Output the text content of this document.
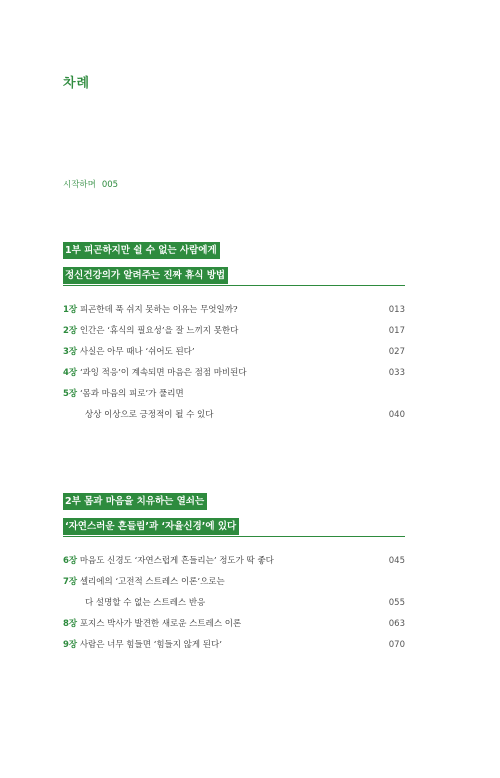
차례
시작하며 005
1부 피곤하지만 쉴 수 없는 사람에게
정신건강의가 알려주는 진짜 휴식 방법
1장 피곤한데 푹 쉬지 못하는 이유는 무엇일까?	013
2장 인간은 ‘휴식의 필요성’을 잘 느끼지 못한다	017
3장 사실은 아무 때나 ‘쉬어도 된다’	027
4장 ‘과잉 적응’이 계속되면 마음은 점점 마비된다	033
5장 ‘몸과 마음의 피로’가 풀리면
상상 이상으로 긍정적이 될 수 있다	040
2부 몸과 마음을 치유하는 열쇠는
‘자연스러운 흔들림’과 ‘자율신경’에 있다
6장 마음도 신경도 ‘자연스럽게 흔들리는’ 정도가 딱 좋다	045
7장 셀리에의 ‘고전적 스트레스 이론’으로는
다 설명할 수 없는 스트레스 반응	055
8장 포지스 박사가 발견한 새로운 스트레스 이론	063
9장 사람은 너무 힘들면 ‘힘들지 않게 된다’	070
